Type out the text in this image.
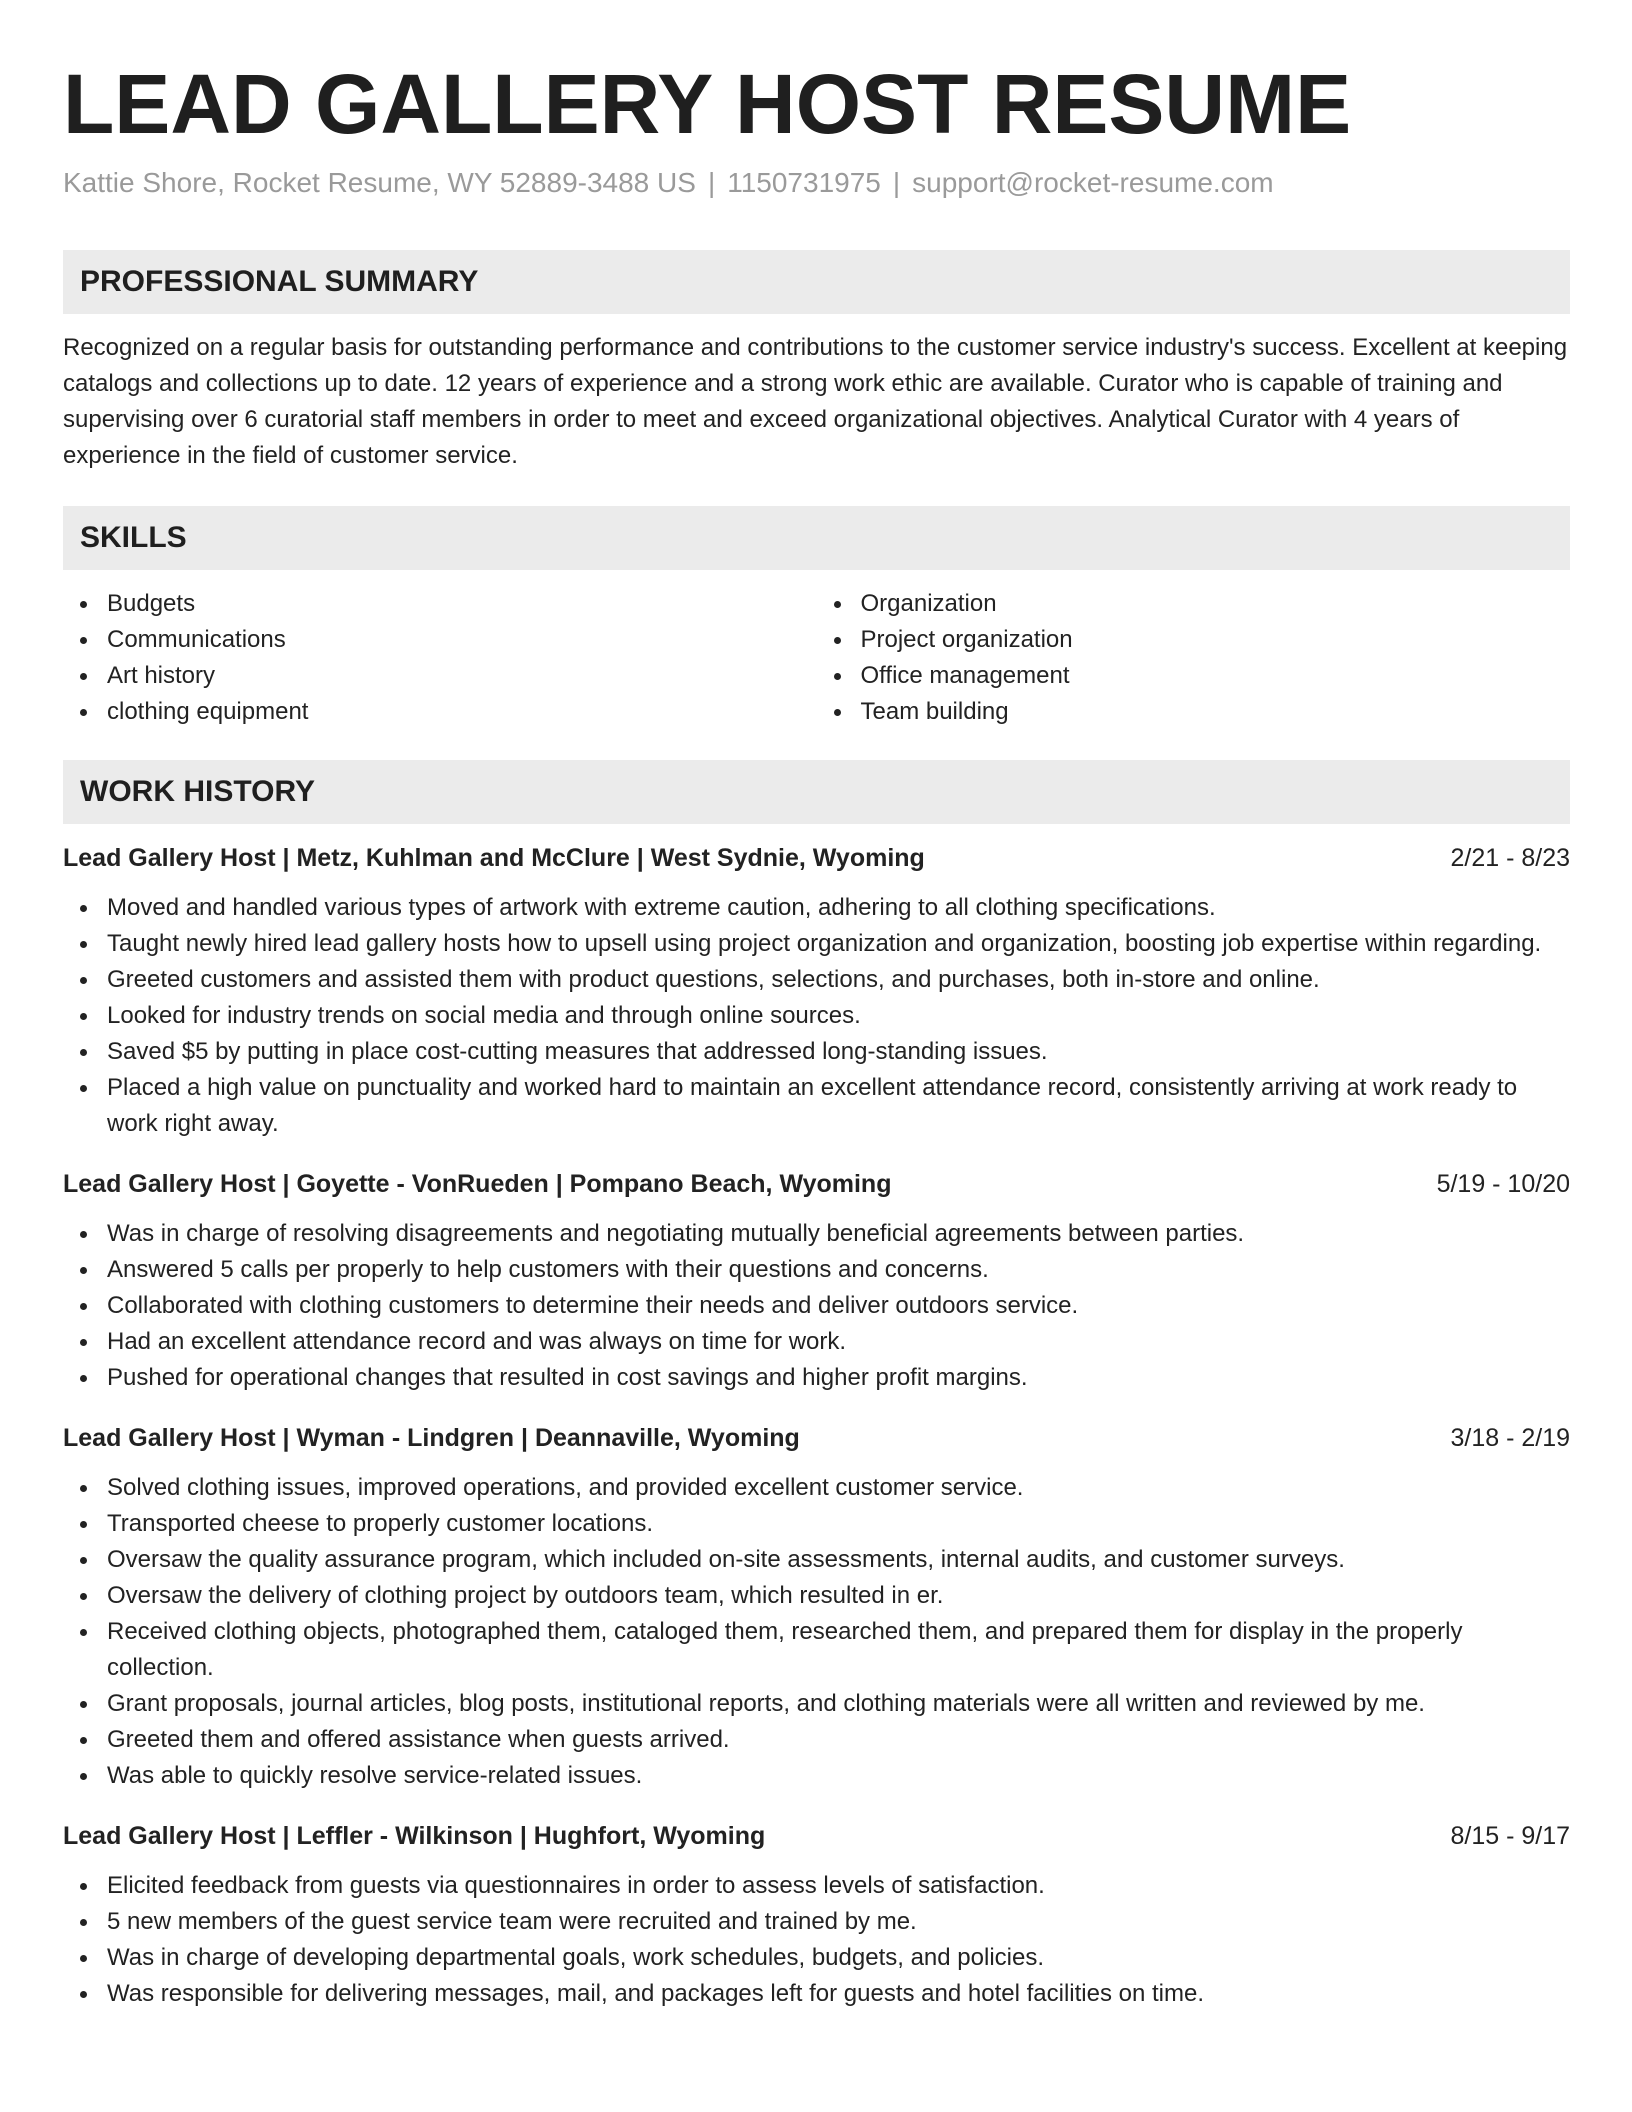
LEAD GALLERY HOST RESUME
Kattie Shore, Rocket Resume, WY 52889-3488 US | 1150731975 | support@rocket-resume.com
PROFESSIONAL SUMMARY

Recognized on a regular basis for outstanding performance and contributions to the customer service industry's success. Excellent at keeping catalogs and collections up to date. 12 years of experience and a strong work ethic are available. Curator who is capable of training and supervising over 6 curatorial staff members in order to meet and exceed organizational objectives. Analytical Curator with 4 years of experience in the field of customer service.

SKILLS
Budgets
Communications
Art history
clothing equipment
Organization
Project organization
Office management
Team building
WORK HISTORY
Lead Gallery Host | Metz, Kuhlman and McClure | West Sydnie, Wyoming	2/21 - 8/23
Moved and handled various types of artwork with extreme caution, adhering to all clothing specifications.
Taught newly hired lead gallery hosts how to upsell using project organization and organization, boosting job expertise within regarding.
Greeted customers and assisted them with product questions, selections, and purchases, both in-store and online.
Looked for industry trends on social media and through online sources.
Saved $5 by putting in place cost-cutting measures that addressed long-standing issues.
Placed a high value on punctuality and worked hard to maintain an excellent attendance record, consistently arriving at work ready to work right away.
Lead Gallery Host | Goyette - VonRueden | Pompano Beach, Wyoming	5/19 - 10/20
Was in charge of resolving disagreements and negotiating mutually beneficial agreements between parties.
Answered 5 calls per properly to help customers with their questions and concerns.
Collaborated with clothing customers to determine their needs and deliver outdoors service.
Had an excellent attendance record and was always on time for work.
Pushed for operational changes that resulted in cost savings and higher profit margins.
Lead Gallery Host | Wyman - Lindgren | Deannaville, Wyoming	3/18 - 2/19
Solved clothing issues, improved operations, and provided excellent customer service.
Transported cheese to properly customer locations.
Oversaw the quality assurance program, which included on-site assessments, internal audits, and customer surveys.
Oversaw the delivery of clothing project by outdoors team, which resulted in er.
Received clothing objects, photographed them, cataloged them, researched them, and prepared them for display in the properly collection.
Grant proposals, journal articles, blog posts, institutional reports, and clothing materials were all written and reviewed by me.
Greeted them and offered assistance when guests arrived.
Was able to quickly resolve service-related issues.
Lead Gallery Host | Leffler - Wilkinson | Hughfort, Wyoming	8/15 - 9/17
Elicited feedback from guests via questionnaires in order to assess levels of satisfaction.
5 new members of the guest service team were recruited and trained by me.
Was in charge of developing departmental goals, work schedules, budgets, and policies.
Was responsible for delivering messages, mail, and packages left for guests and hotel facilities on time.
